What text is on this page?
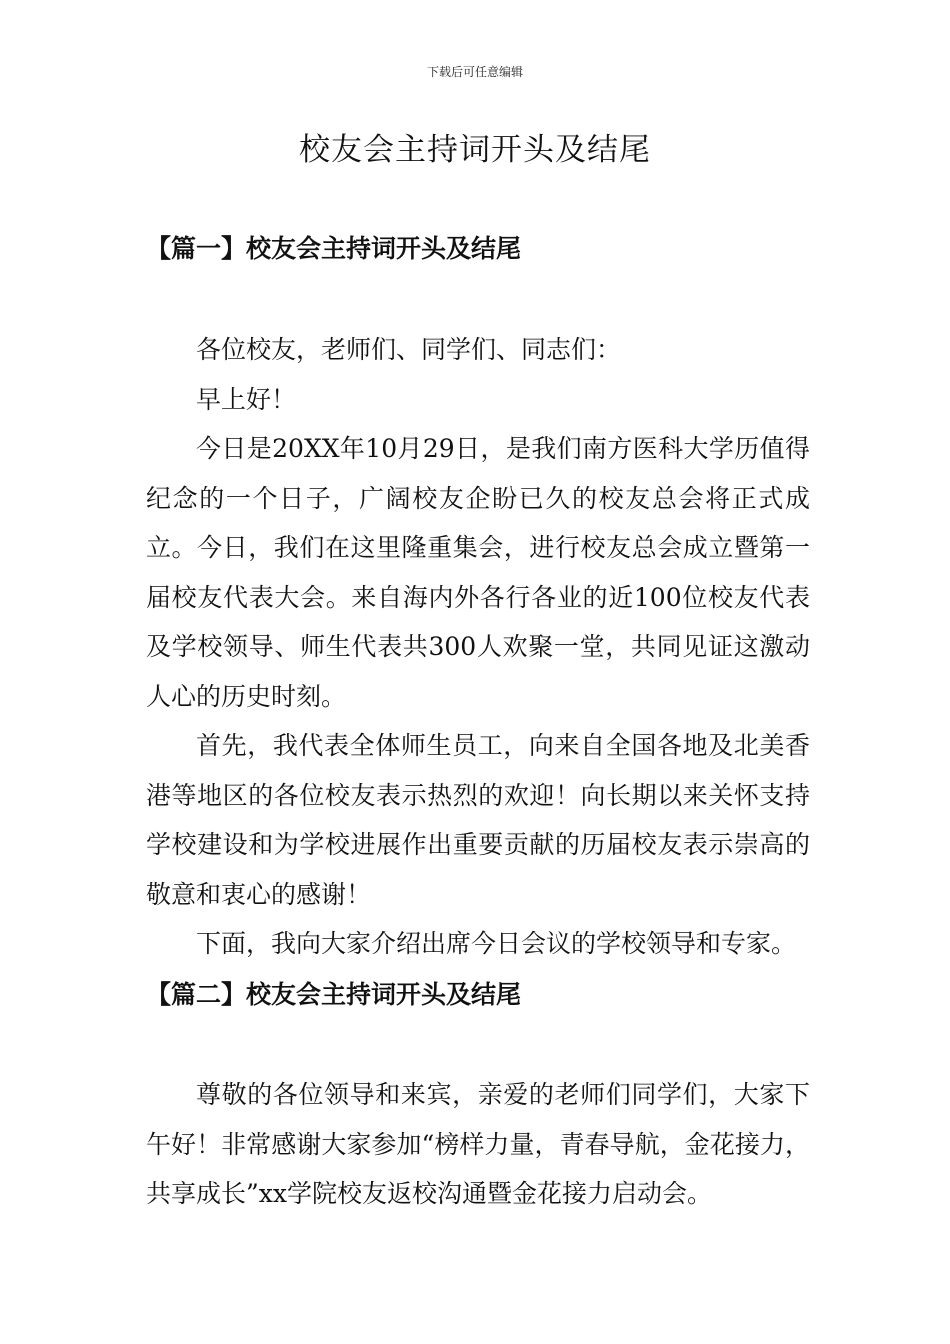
下载后可任意编辑
校友会主持词开头及结尾
【篇一】校友会主持词开头及结尾

各位校友，老师们、同学们、同志们：

早上好！

今日是20XX年10月29日，是我们南方医科大学历值得纪念的一个日子，广阔校友企盼已久的校友总会将正式成立。今日，我们在这里隆重集会，进行校友总会成立暨第一届校友代表大会。来自海内外各行各业的近100位校友代表及学校领导、师生代表共300人欢聚一堂，共同见证这激动人心的历史时刻。

首先，我代表全体师生员工，向来自全国各地及北美香港等地区的各位校友表示热烈的欢迎！向长期以来关怀支持学校建设和为学校进展作出重要贡献的历届校友表示崇高的敬意和衷心的感谢！

下面，我向大家介绍出席今日会议的学校领导和专家。

【篇二】校友会主持词开头及结尾

尊敬的各位领导和来宾，亲爱的老师们同学们，大家下午好！非常感谢大家参加“榜样力量，青春导航，金花接力，共享成长”xx学院校友返校沟通暨金花接力启动会。
